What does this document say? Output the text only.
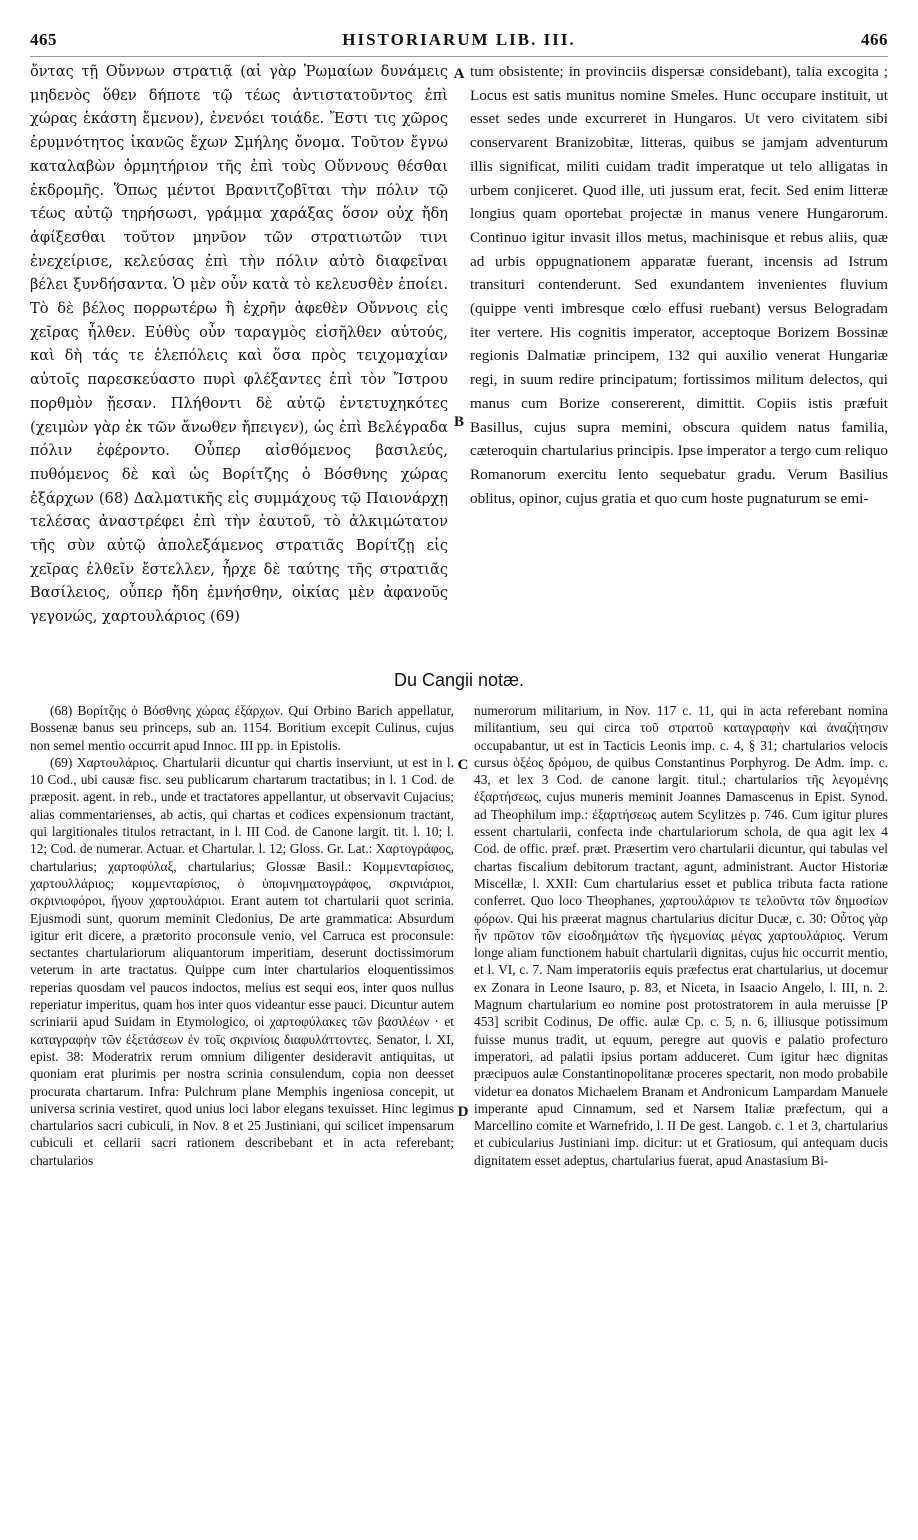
465	HISTORIARUM LIB. III.	466

ὄντας τῇ Οὔννων στρατιᾷ (αἱ γὰρ Ῥωμαίων δυνάμεις μηδενὸς ὅθεν δήποτε τῷ τέως ἀντιστατοῦντος ἐπὶ χώρας ἑκάστη ἔμενον), ἐνενόει τοιάδε. Ἔστι τις χῶρος ἐρυμνότητος ἱκανῶς ἔχων Σμήλης ὄνομα. Τοῦτον ἔγνω καταλαβὼν ὁρμητήριον τῆς ἐπὶ τοὺς Οὔννους θέσθαι ἐκδρομῆς. Ὅπως μέντοι Βρανιτζοβῖται τὴν πόλιν τῷ τέως αὐτῷ τηρήσωσι, γράμμα χαράξας ὅσον οὐχ ἤδη ἀφίξεσθαι τοῦτον μηνῦον τῶν στρατιωτῶν τινι ἐνεχείρισε, κελεύσας ἐπὶ τὴν πόλιν αὐτὸ διαφεῖναι βέλει ξυνδήσαντα. Ὁ μὲν οὖν κατὰ τὸ κελευσθὲν ἐποίει. Τὸ δὲ βέλος πορρωτέρω ἢ ἐχρῆν ἀφεθὲν Οὔννοις εἰς χεῖρας ἦλθεν. Εὐθὺς οὖν ταραγμὸς εἰσῆλθεν αὐτούς, καὶ δὴ τάς τε ἑλεπόλεις καὶ ὅσα πρὸς τειχομαχίαν αὐτοῖς παρεσκεύαστο πυρὶ φλέξαντες ἐπὶ τὸν Ἴστρου πορθμὸν ᾔεσαν. Πλήθοντι δὲ αὐτῷ ἐντετυχηκότες (χειμὼν γὰρ ἐκ τῶν ἄνωθεν ἤπειγεν), ὡς ἐπὶ Βελέγραδα πόλιν ἐφέροντο. Οὗπερ αἰσθόμενος βασιλεύς, πυθόμενος δὲ καὶ ὡς Βορίτζης ὁ Βόσθνης χώρας ἐξάρχων (68) Δαλματικῆς εἰς συμμάχους τῷ Παιονάρχῃ τελέσας ἀναστρέφει ἐπὶ τὴν ἑαυτοῦ, τὸ ἀλκιμώτατον τῆς σὺν αὐτῷ ἀπολεξάμενος στρατιᾶς Βορίτζῃ εἰς χεῖρας ἐλθεῖν ἔστελλεν, ἦρχε δὲ ταύτης τῆς στρατιᾶς Βασίλειος, οὗπερ ἤδη ἐμνήσθην, οἰκίας μὲν ἀφανοῦς γεγονώς, χαρτουλάριος (69)

tum obsistente; in provinciis dispersæ considebant), talia excogita ; Locus est satis munitus nomine Smeles. Hunc occupare instituit, ut esset sedes unde excurreret in Hungaros. Ut vero civitatem sibi conservarent Branizobitæ, litteras, quibus se jamjam adventurum illis significat, militi cuidam tradit imperatque ut telo alligatas in urbem conjiceret. Quod ille, uti jussum erat, fecit. Sed enim litteræ longius quam oportebat projectæ in manus venere Hungarorum. Continuo igitur invasit illos metus, machinisque et rebus aliis, quæ ad urbis oppugnationem apparatæ fuerant, incensis ad Istrum transituri contenderunt. Sed exundantem invenientes fluvium (quippe venti imbresque cœlo effusi ruebant) versus Belogradam iter vertere. His cognitis imperator, acceptoque Borizem Bossinæ regionis Dalmatiæ principem, 132 qui auxilio venerat Hungariæ regi, in suum redire principatum; fortissimos militum delectos, qui manus cum Borize consererent, dimittit. Copiis istis præfuit Basillus, cujus supra memini, obscura quidem natus familia, cæteroquin chartularius principis. Ipse imperator a tergo cum reliquo Romanorum exercitu lento sequebatur gradu. Verum Basilius oblitus, opinor, cujus gratia et quo cum hoste pugnaturum se emi-

A
B
Du Cangii notæ.

(68) Βορίτζης ὁ Βόσθνης χώρας ἐξάρχων. Qui Orbino Barich appellatur, Bossenæ banus seu princeps, sub an. 1154. Boritium excepit Culinus, cujus non semel mentio occurrit apud Innoc. III pp. in Epistolis.

(69) Χαρτουλάριος. Chartularii dicuntur qui chartis inserviunt, ut est in l. 10 Cod., ubi causæ fisc. seu publicarum chartarum tractatibus; in l. 1 Cod. de præposit. agent. in reb., unde et tractatores appellantur, ut observavit Cujacius; alias commentarienses, ab actis, qui chartas et codices expensionum tractant, qui largitionales titulos retractant, in l. III Cod. de Canone largit. tit. l. 10; l. 12; Cod. de numerar. Actuar. et Chartular. l. 12; Gloss. Gr. Lat.: Χαρτογράφος, chartularius; χαρτοφύλαξ, chartularius; Glossæ Basil.: Κομμενταρίσιος, χαρτουλλάριος; κομμενταρίσιος, ὁ ὑπομνηματογράφος, σκρινιάριοι, σκρινιοφόροι, ἤγουν χαρτουλάριοι. Erant autem tot chartularii quot scrinia. Ejusmodi sunt, quorum meminit Cledonius, De arte grammatica: Absurdum igitur erit dicere, a prætorito proconsule venio, vel Carruca est proconsule: sectantes chartulariorum aliquantorum imperitiam, deserunt doctissimorum veterum in arte tractatus. Quippe cum inter chartularios eloquentissimos reperias quosdam vel paucos indoctos, melius est sequi eos, inter quos nullus reperiatur imperitus, quam hos inter quos videantur esse pauci. Dicuntur autem scriniarii apud Suidam in Etymologico, οἱ χαρτοφύλακες τῶν βασιλέων · et καταγραφὴν τῶν ἐξετάσεων ἐν τοῖς σκρινίοις διαφυλάττοντες. Senator, l. XI, epist. 38: Moderatrix rerum omnium diligenter desideravit antiquitas, ut quoniam erat plurimis per nostra scrinia consulendum, copia non deesset procurata chartarum. Infra: Pulchrum plane Memphis ingeniosa concepit, ut universa scrinia vestiret, quod unius loci labor elegans texuisset. Hinc legimus chartularios sacri cubiculi, in Nov. 8 et 25 Justiniani, qui scilicet impensarum cubiculi et cellarii sacri rationem describebant et in acta referebant; chartularios

C
D

numerorum militarium, in Nov. 117 c. 11, qui in acta referebant nomina militantium, seu qui circa τοῦ στρατοῦ καταγραφὴν καὶ ἀναζήτησιν occupabantur, ut est in Tacticis Leonis imp. c. 4, § 31; chartularios velocis cursus ὀξέος δρόμου, de quibus Constantinus Porphyrog. De Adm. imp. c. 43, et lex 3 Cod. de canone largit. titul.; chartularios τῆς λεγομένης ἐξαρτήσεως, cujus muneris meminit Joannes Damascenus in Epist. Synod. ad Theophilum imp.: ἐξαρτήσεως autem Scylitzes p. 746. Cum igitur plures essent chartularii, confecta inde chartulariorum schola, de qua agit lex 4 Cod. de offic. præf. præt. Præsertim vero chartularii dicuntur, qui tabulas vel chartas fiscalium debitorum tractant, agunt, administrant. Auctor Historiæ Miscellæ, l. XXII: Cum chartularius esset et publica tributa facta ratione conferret. Quo loco Theophanes, χαρτουλάριον τε τελοῦντα τῶν δημοσίων φόρων. Qui his præerat magnus chartularius dicitur Ducæ, c. 30: Οὗτος γὰρ ἦν πρῶτον τῶν εἰσοδημάτων τῆς ἡγεμονίας μέγας χαρτουλάριος. Verum longe aliam functionem habuit chartularii dignitas, cujus hic occurrit mentio, et l. VI, c. 7. Nam imperatoriis equis præfectus erat chartularius, ut docemur ex Zonara in Leone Isauro, p. 83, et Niceta, in Isaacio Angelo, l. III, n. 2. Magnum chartularium eo nomine post protostratorem in aula meruisse [P 453] scribit Codinus, De offic. aulæ Cp. c. 5, n. 6, illiusque potissimum fuisse munus tradit, ut equum, peregre aut quovis e palatio profecturo imperatori, ad palatii ipsius portam adduceret. Cum igitur hæc dignitas præcipuos aulæ Constantinopolitanæ proceres spectarit, non modo probabile videtur ea donatos Michaelem Branam et Andronicum Lampardam Manuele imperante apud Cinnamum, sed et Narsem Italiæ præfectum, qui a Marcellino comite et Warnefrido, l. II De gest. Langob. c. 1 et 3, chartularius et cubicularius Justiniani imp. dicitur: ut et Gratiosum, qui antequam ducis dignitatem esset adeptus, chartularius fuerat, apud Anastasium Bi-
